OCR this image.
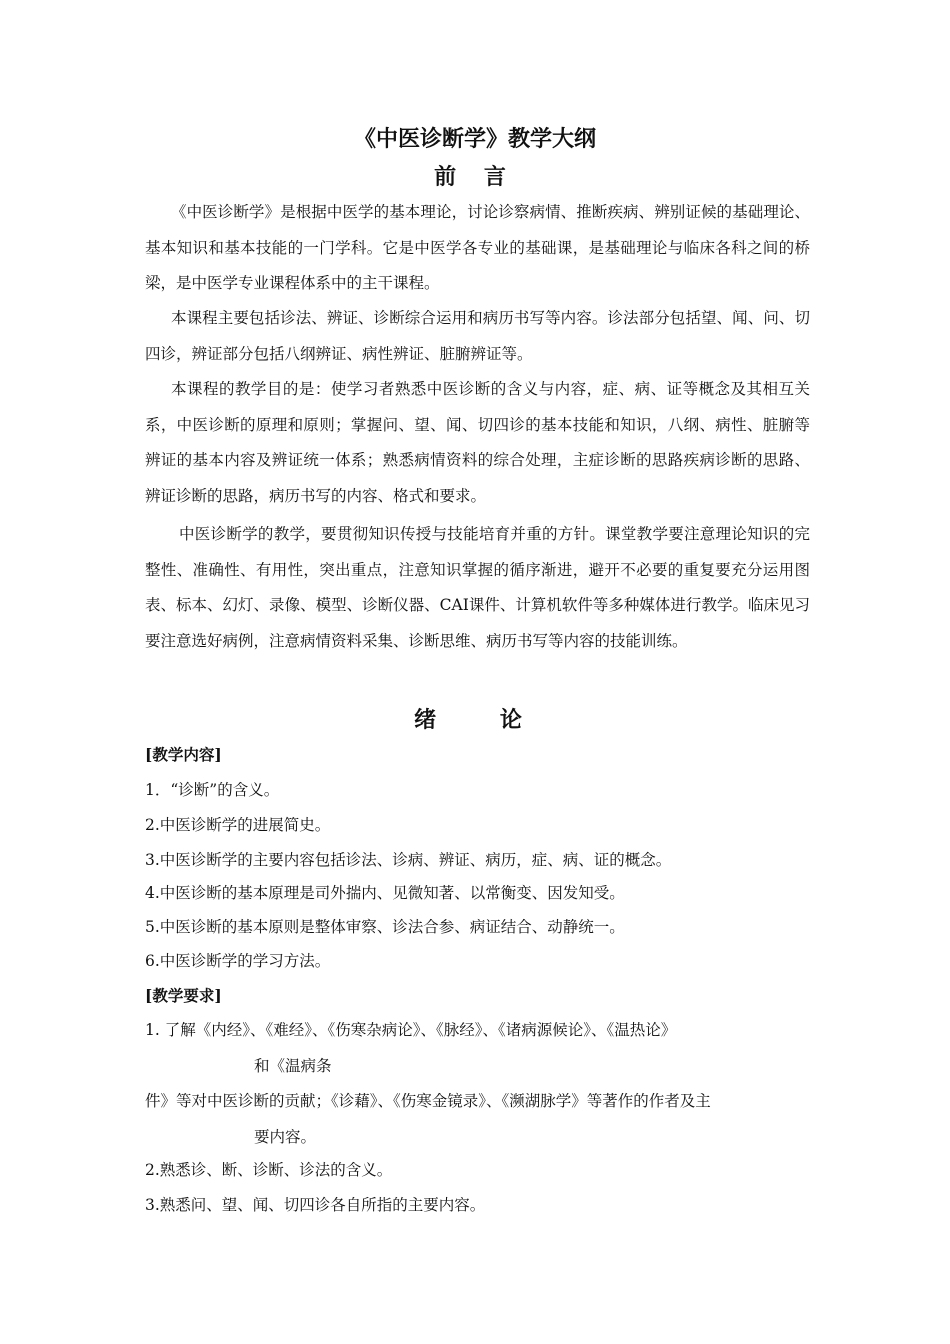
《中医诊断学》教学大纲
前 言

《中医诊断学》是根据中医学的基本理论，讨论诊察病情、推断疾病、辨别证候的基础理论、基本知识和基本技能的一门学科。它是中医学各专业的基础课，是基础理论与临床各科之间的桥梁，是中医学专业课程体系中的主干课程。

本课程主要包括诊法、辨证、诊断综合运用和病历书写等内容。诊法部分包括望、闻、问、切四诊，辨证部分包括八纲辨证、病性辨证、脏腑辨证等。

本课程的教学目的是：使学习者熟悉中医诊断的含义与内容，症、病、证等概念及其相互关系，中医诊断的原理和原则；掌握问、望、闻、切四诊的基本技能和知识，八纲、病性、脏腑等辨证的基本内容及辨证统一体系；熟悉病情资料的综合处理，主症诊断的思路疾病诊断的思路、辨证诊断的思路，病历书写的内容、格式和要求。

中医诊断学的教学，要贯彻知识传授与技能培育并重的方针。课堂教学要注意理论知识的完整性、准确性、有用性，突出重点，注意知识掌握的循序渐进，避开不必要的重复要充分运用图表、标本、幻灯、录像、模型、诊断仪器、CAI课件、计算机软件等多种媒体进行教学。临床见习要注意选好病例，注意病情资料采集、诊断思维、病历书写等内容的技能训练。

绪 论
[教学内容]
1．“诊断”的含义。
2.中医诊断学的进展简史。
3.中医诊断学的主要内容包括诊法、诊病、辨证、病历，症、病、证的概念。
4.中医诊断的基本原理是司外揣内、见微知著、以常衡变、因发知受。
5.中医诊断的基本原则是整体审察、诊法合参、病证结合、动静统一。
6.中医诊断学的学习方法。
[教学要求]
1. 了解《内经》、《难经》、《伤寒杂病论》、《脉经》、《诸病源候论》、《温热论》
和《温病条
件》等对中医诊断的贡献；《诊藉》、《伤寒金镜录》、《濒湖脉学》等著作的作者及主
要内容。
2.熟悉诊、断、诊断、诊法的含义。
3.熟悉问、望、闻、切四诊各自所指的主要内容。
